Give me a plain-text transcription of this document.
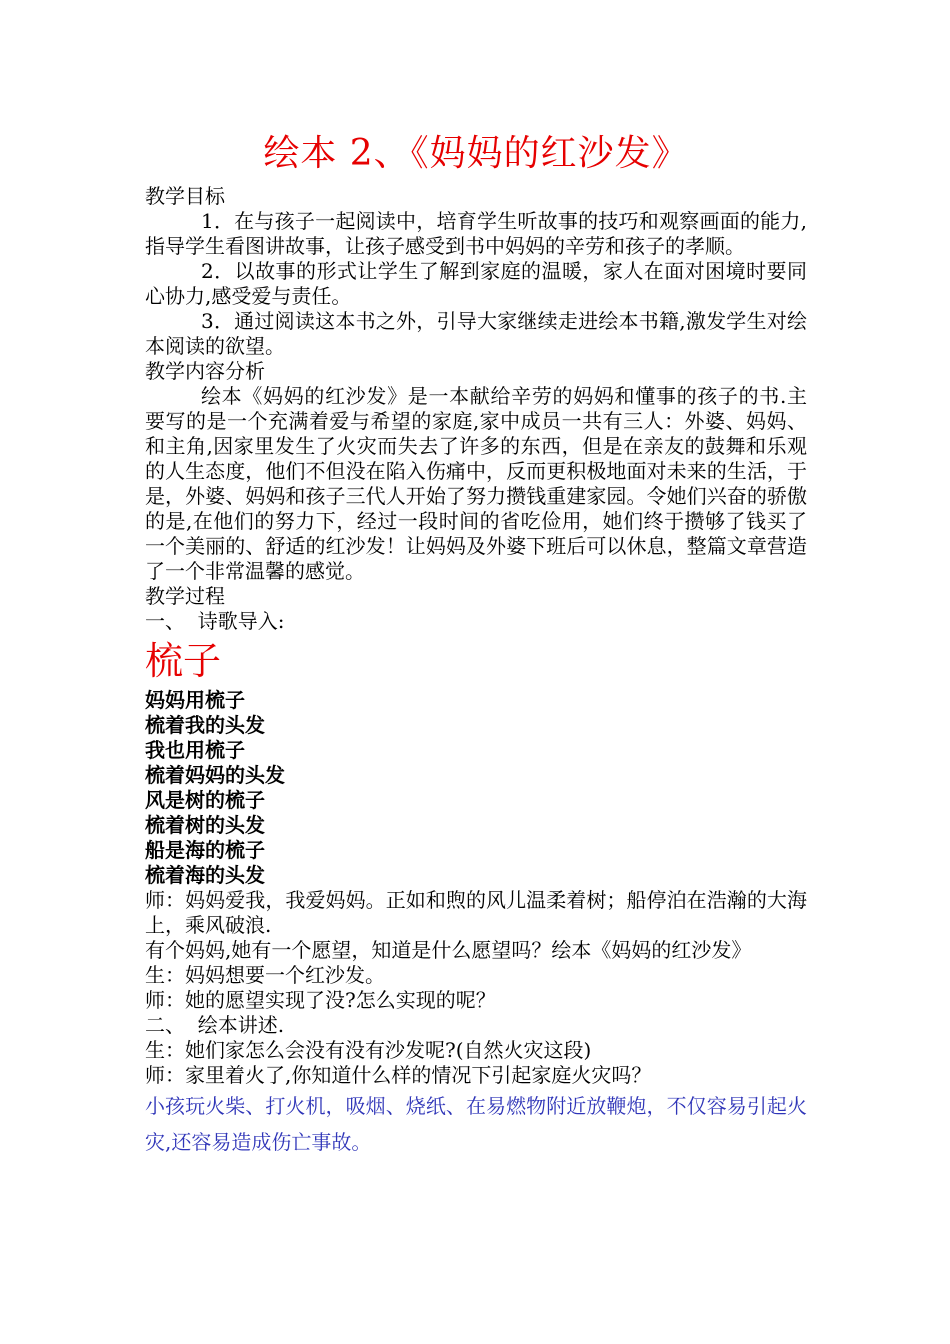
绘本 2、《妈妈的红沙发》

教学目标

1．在与孩子一起阅读中，培育学生听故事的技巧和观察画面的能力,指导学生看图讲故事，让孩子感受到书中妈妈的辛劳和孩子的孝顺。

2．以故事的形式让学生了解到家庭的温暖，家人在面对困境时要同心协力,感受爱与责任。

3．通过阅读这本书之外，引导大家继续走进绘本书籍,激发学生对绘本阅读的欲望。

教学内容分析

绘本《妈妈的红沙发》是一本献给辛劳的妈妈和懂事的孩子的书.主要写的是一个充满着爱与希望的家庭,家中成员一共有三人：外婆、妈妈、和主角,因家里发生了火灾而失去了许多的东西，但是在亲友的鼓舞和乐观的人生态度，他们不但没在陷入伤痛中，反而更积极地面对未来的生活，于是，外婆、妈妈和孩子三代人开始了努力攒钱重建家园。令她们兴奋的骄傲的是,在他们的努力下，经过一段时间的省吃俭用，她们终于攒够了钱买了一个美丽的、舒适的红沙发！让妈妈及外婆下班后可以休息，整篇文章营造了一个非常温馨的感觉。

教学过程

一、  诗歌导入:

梳子

妈妈用梳子

梳着我的头发

我也用梳子

梳着妈妈的头发

风是树的梳子

梳着树的头发

船是海的梳子

梳着海的头发

师：妈妈爱我，我爱妈妈。正如和煦的风儿温柔着树；船停泊在浩瀚的大海上，乘风破浪.

有个妈妈,她有一个愿望，知道是什么愿望吗？绘本《妈妈的红沙发》

生：妈妈想要一个红沙发。

师：她的愿望实现了没?怎么实现的呢？

二、  绘本讲述.

生：她们家怎么会没有没有沙发呢?(自然火灾这段)

师：家里着火了,你知道什么样的情况下引起家庭火灾吗？

小孩玩火柴、打火机，吸烟、烧纸、在易燃物附近放鞭炮，不仅容易引起火灾,还容易造成伤亡事故。
